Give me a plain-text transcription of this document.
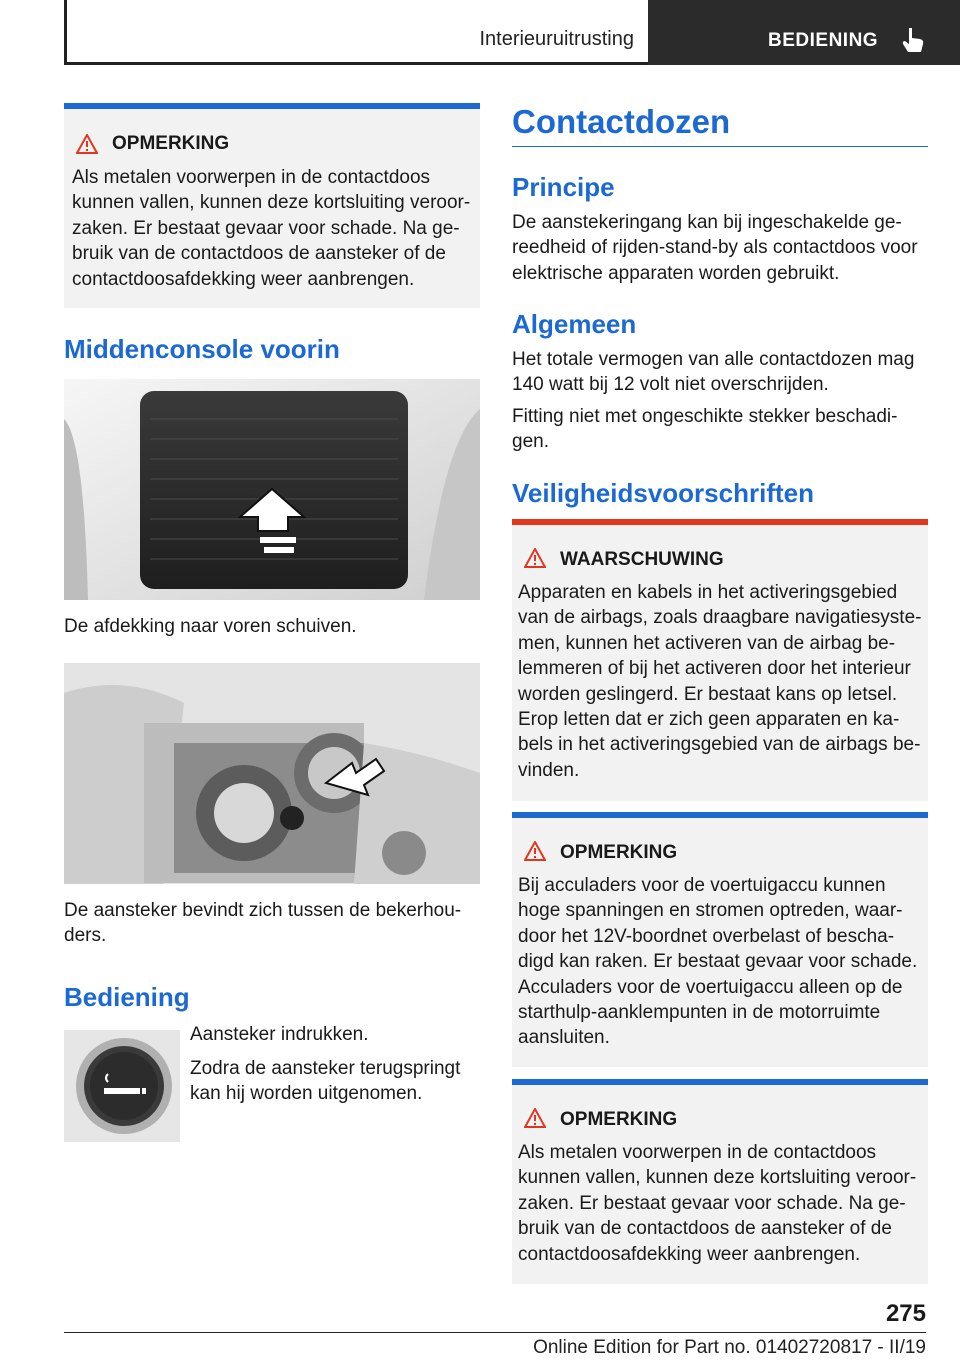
Interieuruitrusting	BEDIENING
OPMERKING
Als metalen voorwerpen in de contactdoos
kunnen vallen, kunnen deze kortsluiting veroor-
zaken. Er bestaat gevaar voor schade. Na ge-
bruik van de contactdoos de aansteker of de
contactdoosafdekking weer aanbrengen.
Middenconsole voorin
De afdekking naar voren schuiven.
De aansteker bevindt zich tussen de bekerhou-
ders.
Bediening
Aansteker indrukken.
Zodra de aansteker terugspringt
kan hij worden uitgenomen.
Contactdozen
Principe
De aanstekeringang kan bij ingeschakelde ge-
reedheid of rijden-stand-by als contactdoos voor
elektrische apparaten worden gebruikt.
Algemeen
Het totale vermogen van alle contactdozen mag
140 watt bij 12 volt niet overschrijden.
Fitting niet met ongeschikte stekker beschadi-
gen.
Veiligheidsvoorschriften
WAARSCHUWING
Apparaten en kabels in het activeringsgebied
van de airbags, zoals draagbare navigatiesyste-
men, kunnen het activeren van de airbag be-
lemmeren of bij het activeren door het interieur
worden geslingerd. Er bestaat kans op letsel.
Erop letten dat er zich geen apparaten en ka-
bels in het activeringsgebied van de airbags be-
vinden.
OPMERKING
Bij acculaders voor de voertuigaccu kunnen
hoge spanningen en stromen optreden, waar-
door het 12V-boordnet overbelast of bescha-
digd kan raken. Er bestaat gevaar voor schade.
Acculaders voor de voertuigaccu alleen op de
starthulp-aanklempunten in de motorruimte
aansluiten.
OPMERKING
Als metalen voorwerpen in de contactdoos
kunnen vallen, kunnen deze kortsluiting veroor-
zaken. Er bestaat gevaar voor schade. Na ge-
bruik van de contactdoos de aansteker of de
contactdoosafdekking weer aanbrengen.
275
Online Edition for Part no. 01402720817 - II/19
